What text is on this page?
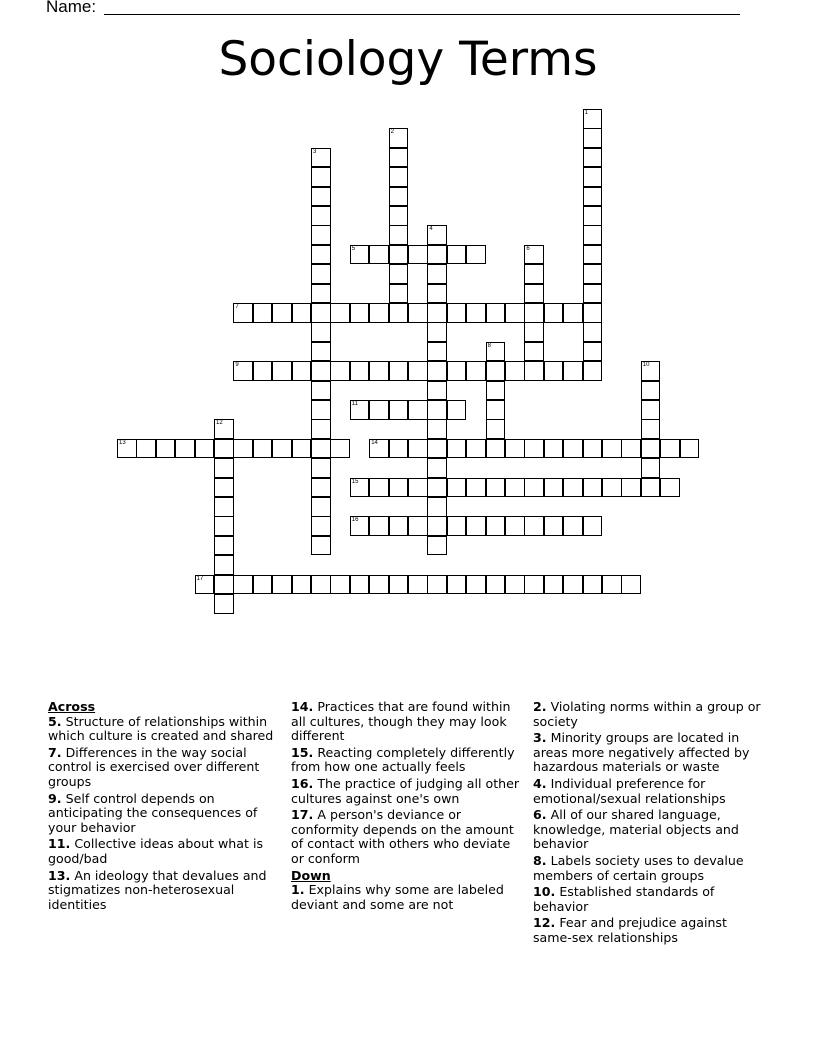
Name:
Sociology Terms
1
2
3
4
5	6
7
8
9	10
11
12
13	14
15
16
17
Across
5. Structure of relationships within which culture is created and shared
7. Differences in the way social control is exercised over different groups
9. Self control depends on anticipating the consequences of your behavior
11. Collective ideas about what is good/bad
13. An ideology that devalues and stigmatizes non-heterosexual identities
14. Practices that are found within all cultures, though they may look different
15. Reacting completely differently from how one actually feels
16. The practice of judging all other cultures against one's own
17. A person's deviance or conformity depends on the amount of contact with others who deviate or conform
Down
1. Explains why some are labeled deviant and some are not
2. Violating norms within a group or society
3. Minority groups are located in areas more negatively affected by hazardous materials or waste
4. Individual preference for emotional/sexual relationships
6. All of our shared language, knowledge, material objects and behavior
8. Labels society uses to devalue members of certain groups
10. Established standards of behavior
12. Fear and prejudice against same-sex relationships
